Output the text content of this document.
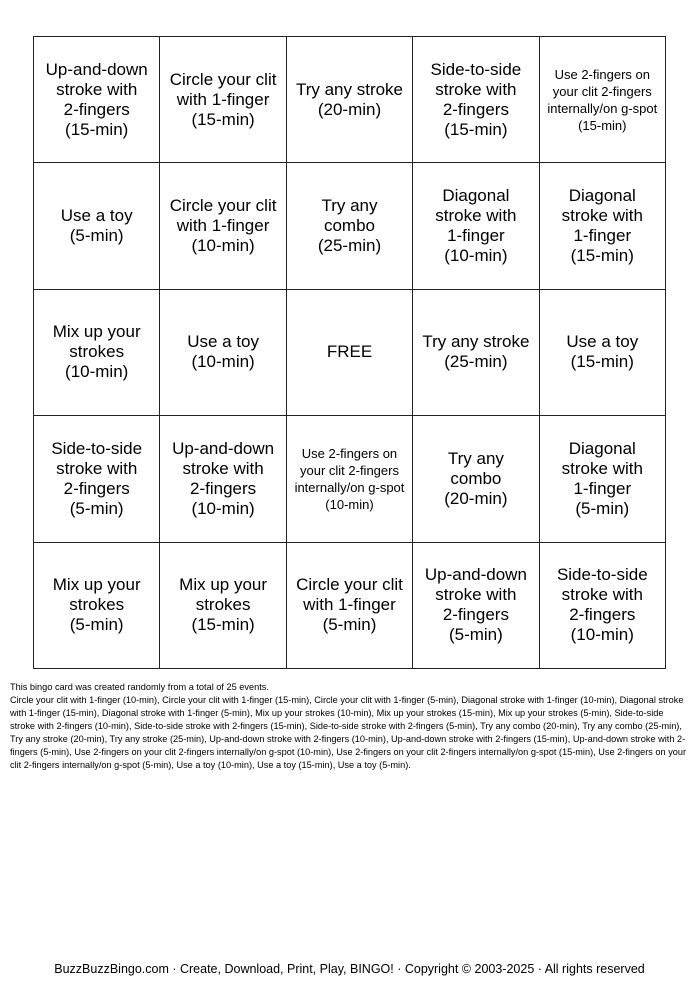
Up-and-down
stroke with
2-fingers
(15-min)
Circle your clit
with 1-finger
(15-min)
Try any stroke
(20-min)
Side-to-side
stroke with
2-fingers
(15-min)
Use 2-fingers on
your clit 2-fingers
internally/on g-spot
(15-min)
Use a toy
(5-min)
Circle your clit
with 1-finger
(10-min)
Try any
combo
(25-min)
Diagonal
stroke with
1-finger
(10-min)
Diagonal
stroke with
1-finger
(15-min)
Mix up your
strokes
(10-min)
Use a toy
(10-min)
FREE
Try any stroke
(25-min)
Use a toy
(15-min)
Side-to-side
stroke with
2-fingers
(5-min)
Up-and-down
stroke with
2-fingers
(10-min)
Use 2-fingers on
your clit 2-fingers
internally/on g-spot
(10-min)
Try any
combo
(20-min)
Diagonal
stroke with
1-finger
(5-min)
Mix up your
strokes
(5-min)
Mix up your
strokes
(15-min)
Circle your clit
with 1-finger
(5-min)
Up-and-down
stroke with
2-fingers
(5-min)
Side-to-side
stroke with
2-fingers
(10-min)

This bingo card was created randomly from a total of 25 events.

Circle your clit with 1-finger (10-min), Circle your clit with 1-finger (15-min), Circle your clit with 1-finger (5-min), Diagonal stroke with 1-finger (10-min), Diagonal stroke with 1-finger (15-min), Diagonal stroke with 1-finger (5-min), Mix up your strokes (10-min), Mix up your strokes (15-min), Mix up your strokes (5-min), Side-to-side stroke with 2-fingers (10-min), Side-to-side stroke with 2-fingers (15-min), Side-to-side stroke with 2-fingers (5-min), Try any combo (20-min), Try any combo (25-min), Try any stroke (20-min), Try any stroke (25-min), Up-and-down stroke with 2-fingers (10-min), Up-and-down stroke with 2-fingers (15-min), Up-and-down stroke with 2-fingers (5-min), Use 2-fingers on your clit 2-fingers internally/on g-spot (10-min), Use 2-fingers on your clit 2-fingers internally/on g-spot (15-min), Use 2-fingers on your clit 2-fingers internally/on g-spot (5-min), Use a toy (10-min), Use a toy (15-min), Use a toy (5-min).

BuzzBuzzBingo.com · Create, Download, Print, Play, BINGO! · Copyright © 2003-2025 · All rights reserved
